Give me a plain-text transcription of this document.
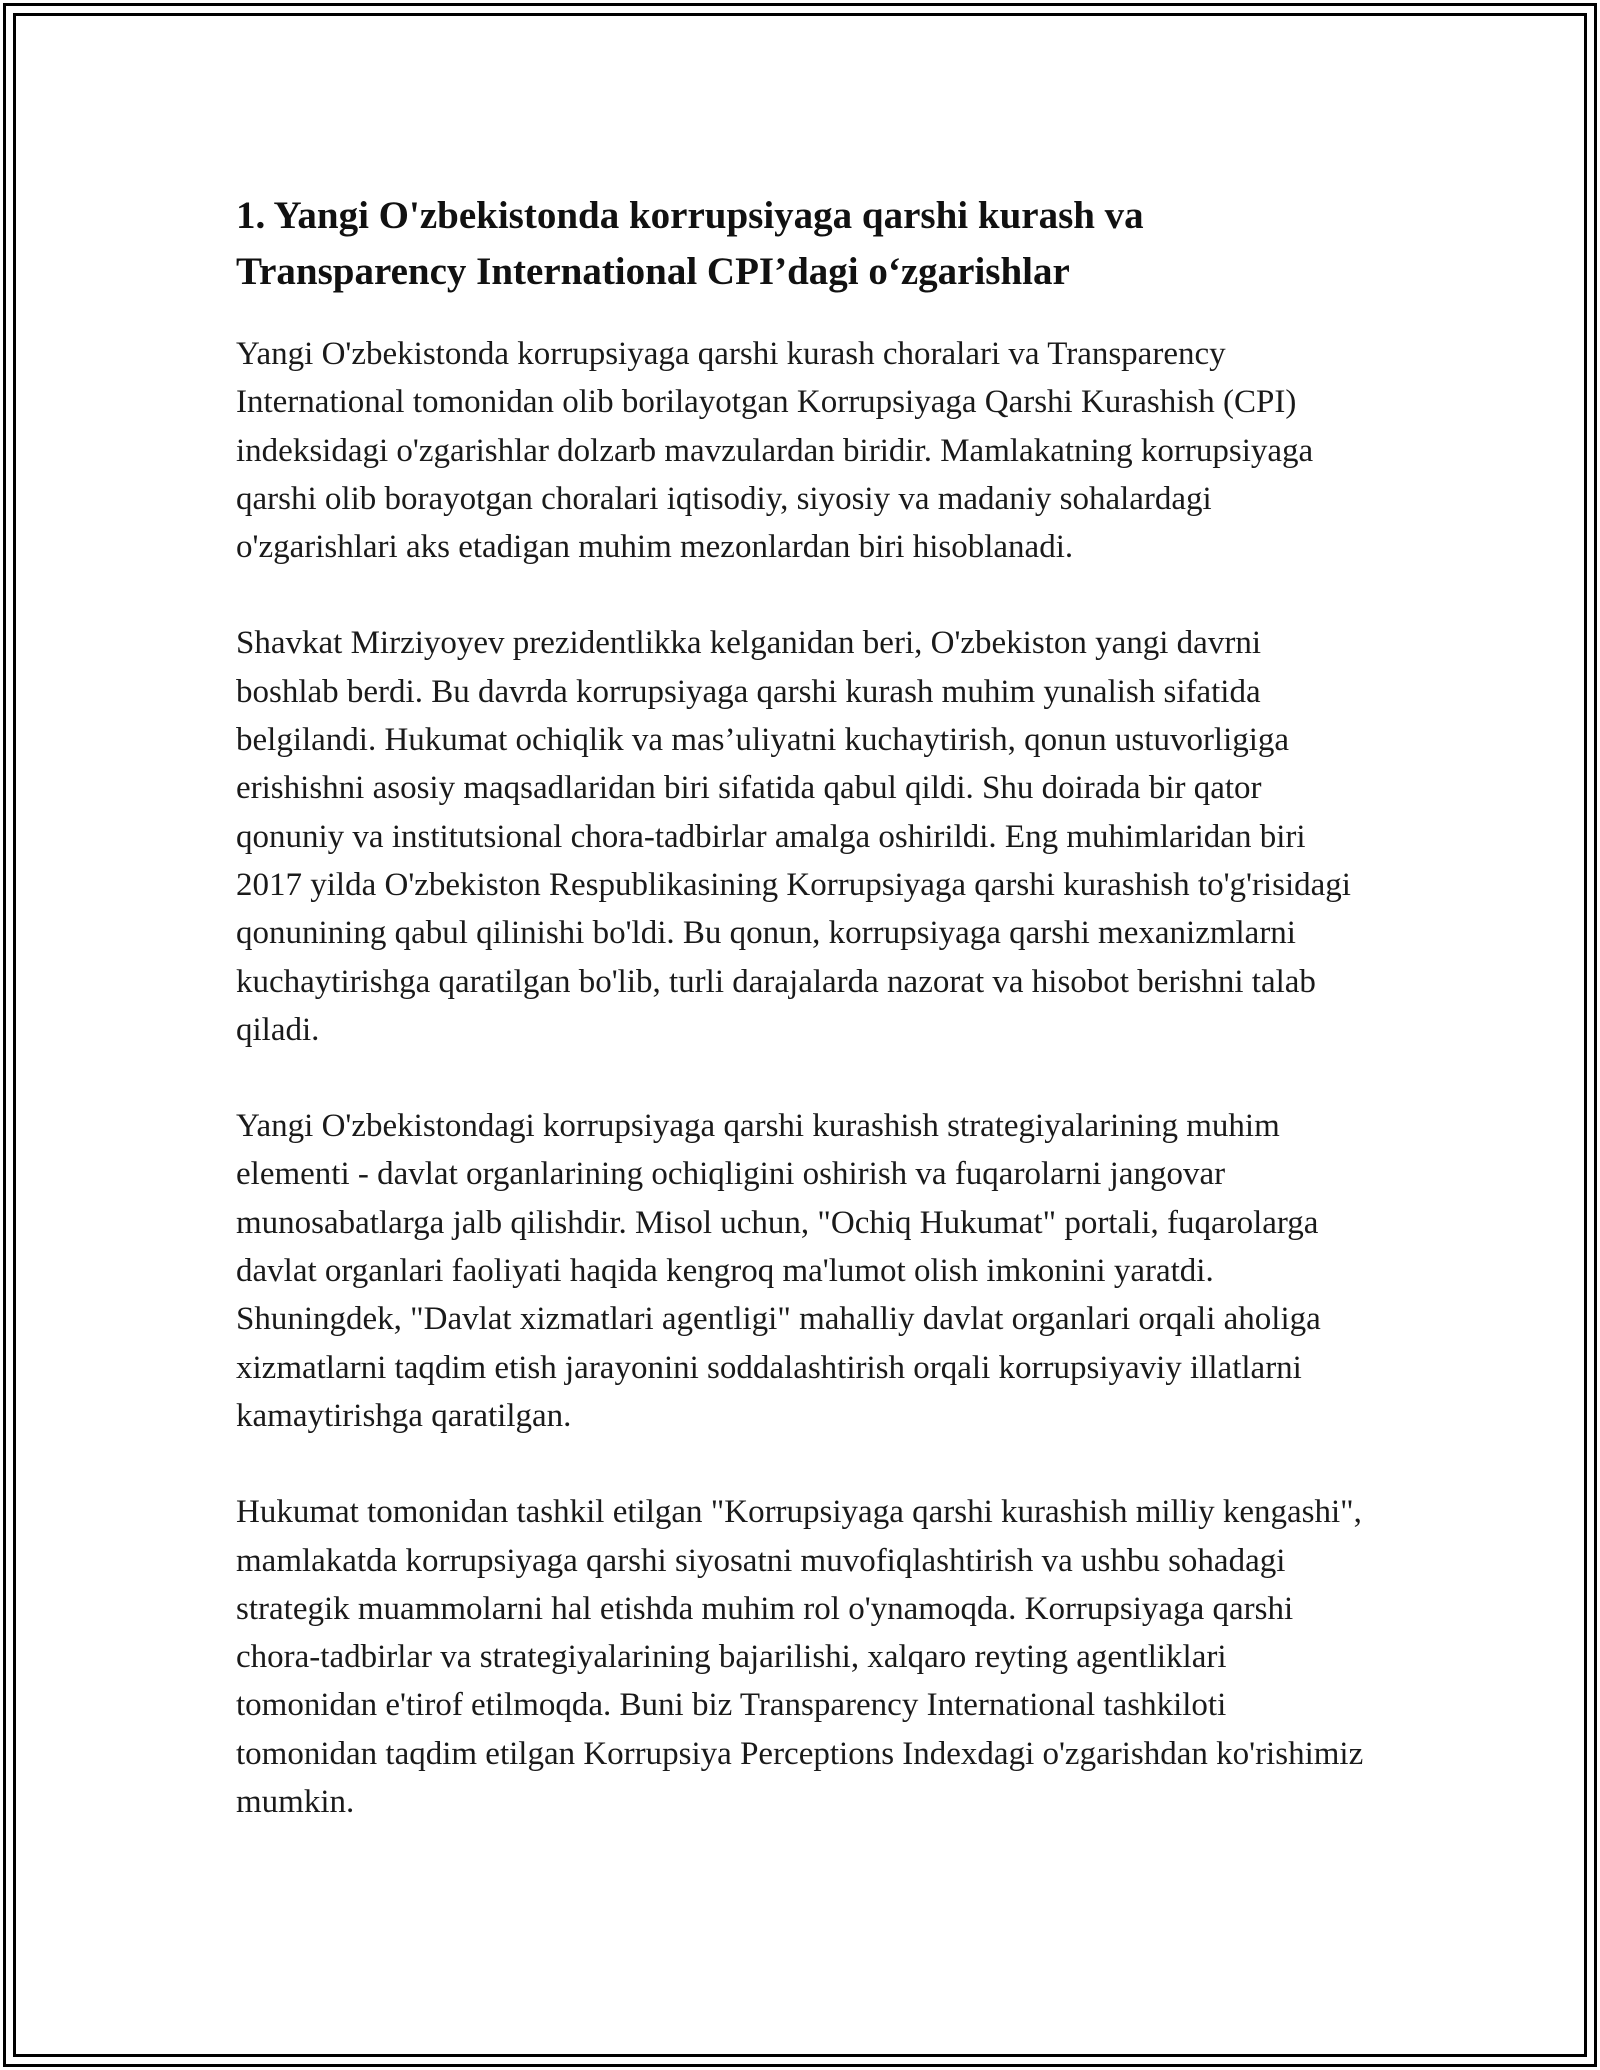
1. Yangi O'zbekistonda korrupsiyaga qarshi kurash va Transparency International CPI’dagi o‘zgarishlar

Yangi O'zbekistonda korrupsiyaga qarshi kurash choralari va Transparency International tomonidan olib borilayotgan Korrupsiyaga Qarshi Kurashish (CPI) indeksidagi o'zgarishlar dolzarb mavzulardan biridir. Mamlakatning korrupsiyaga qarshi olib borayotgan choralari iqtisodiy, siyosiy va madaniy sohalardagi o'zgarishlari aks etadigan muhim mezonlardan biri hisoblanadi.

Shavkat Mirziyoyev prezidentlikka kelganidan beri, O'zbekiston yangi davrni boshlab berdi. Bu davrda korrupsiyaga qarshi kurash muhim yunalish sifatida belgilandi. Hukumat ochiqlik va mas’uliyatni kuchaytirish, qonun ustuvorligiga erishishni asosiy maqsadlaridan biri sifatida qabul qildi. Shu doirada bir qator qonuniy va institutsional chora-tadbirlar amalga oshirildi. Eng muhimlaridan biri 2017 yilda O'zbekiston Respublikasining Korrupsiyaga qarshi kurashish to'g'risidagi qonunining qabul qilinishi bo'ldi. Bu qonun, korrupsiyaga qarshi mexanizmlarni kuchaytirishga qaratilgan bo'lib, turli darajalarda nazorat va hisobot berishni talab qiladi.

Yangi O'zbekistondagi korrupsiyaga qarshi kurashish strategiyalarining muhim elementi - davlat organlarining ochiqligini oshirish va fuqarolarni jangovar munosabatlarga jalb qilishdir. Misol uchun, "Ochiq Hukumat" portali, fuqarolarga davlat organlari faoliyati haqida kengroq ma'lumot olish imkonini yaratdi. Shuningdek, "Davlat xizmatlari agentligi" mahalliy davlat organlari orqali aholiga xizmatlarni taqdim etish jarayonini soddalashtirish orqali korrupsiyaviy illatlarni kamaytirishga qaratilgan.

Hukumat tomonidan tashkil etilgan "Korrupsiyaga qarshi kurashish milliy kengashi", mamlakatda korrupsiyaga qarshi siyosatni muvofiqlashtirish va ushbu sohadagi strategik muammolarni hal etishda muhim rol o'ynamoqda. Korrupsiyaga qarshi chora-tadbirlar va strategiyalarining bajarilishi, xalqaro reyting agentliklari tomonidan e'tirof etilmoqda. Buni biz Transparency International tashkiloti tomonidan taqdim etilgan Korrupsiya Perceptions Indexdagi o'zgarishdan ko'rishimiz mumkin.
